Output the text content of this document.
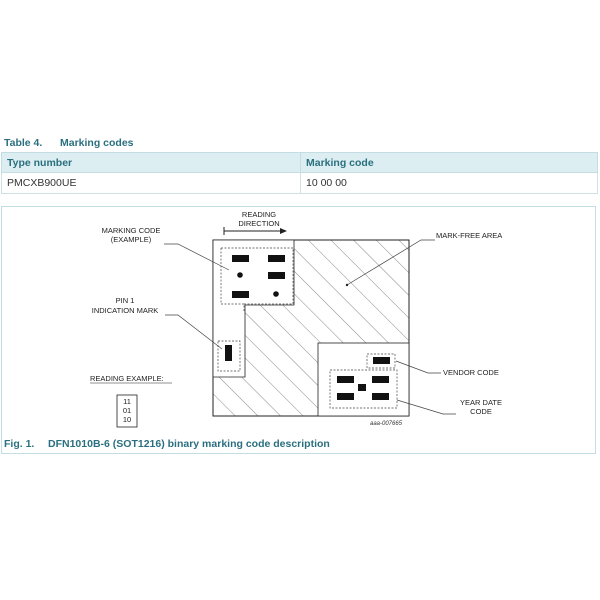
Table 4. Marking codes
Type number	Marking code
PMCXB900UE	10 00 00
READING
DIRECTION
MARKING CODE
(EXAMPLE)	MARK-FREE AREA
PIN 1
INDICATION MARK
READING EXAMPLE:
11
01
10
VENDOR CODE
YEAR DATE
CODE
aaa-007665
Fig. 1. DFN1010B-6 (SOT1216) binary marking code description
